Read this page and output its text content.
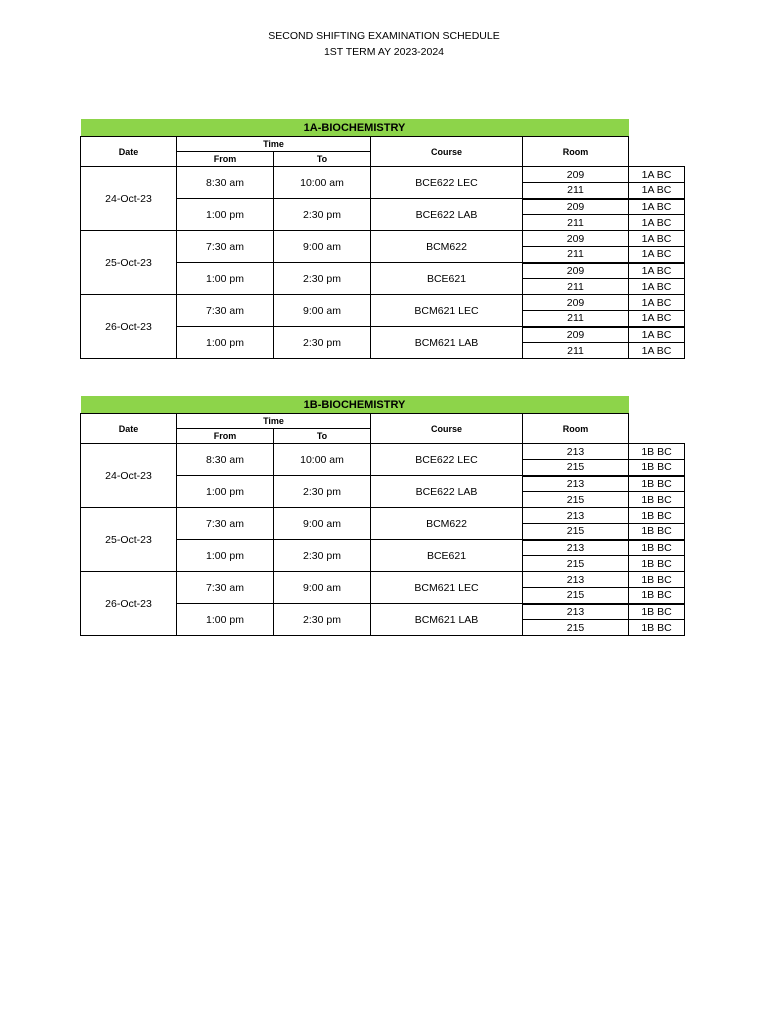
SECOND SHIFTING EXAMINATION SCHEDULE
1ST TERM AY 2023-2024
1A-BIOCHEMISTRY					
Date	Time		Course	Room	
	From	To			
24-Oct-23	8:30 am	10:00 am	BCE622 LEC	209	1A BC
				211	1A BC
	1:00 pm	2:30 pm	BCE622 LAB	209	1A BC
				211	1A BC
25-Oct-23	7:30 am	9:00 am	BCM622	209	1A BC
				211	1A BC
	1:00 pm	2:30 pm	BCE621	209	1A BC
				211	1A BC
26-Oct-23	7:30 am	9:00 am	BCM621 LEC	209	1A BC
				211	1A BC
	1:00 pm	2:30 pm	BCM621 LAB	209	1A BC
				211	1A BC
1B-BIOCHEMISTRY					
Date	Time		Course	Room	
	From	To			
24-Oct-23	8:30 am	10:00 am	BCE622 LEC	213	1B BC
				215	1B BC
	1:00 pm	2:30 pm	BCE622 LAB	213	1B BC
				215	1B BC
25-Oct-23	7:30 am	9:00 am	BCM622	213	1B BC
				215	1B BC
	1:00 pm	2:30 pm	BCE621	213	1B BC
				215	1B BC
26-Oct-23	7:30 am	9:00 am	BCM621 LEC	213	1B BC
				215	1B BC
	1:00 pm	2:30 pm	BCM621 LAB	213	1B BC
				215	1B BC
